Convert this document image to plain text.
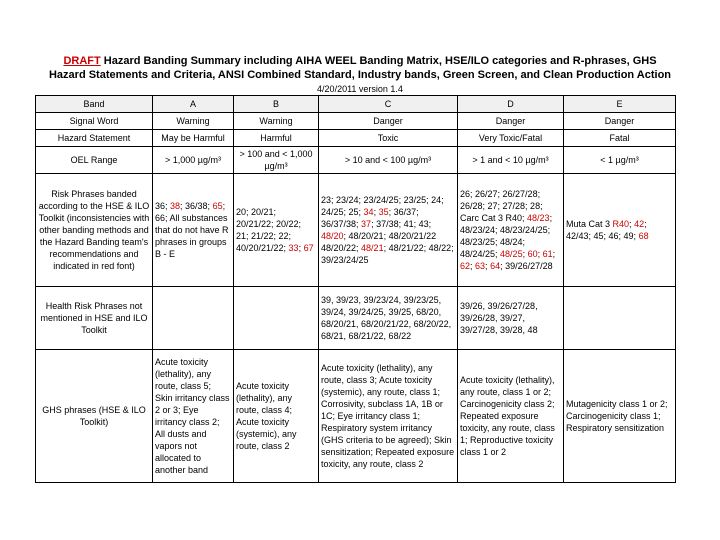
DRAFT Hazard Banding Summary including AIHA WEEL Banding Matrix, HSE/ILO categories and R-phrases, GHS
Hazard Statements and Criteria, ANSI Combined Standard, Industry bands, Green Screen, and Clean Production Action
4/20/2011 version 1.4
Band	A	B	C	D	E
Signal Word	Warning	Warning	Danger	Danger	Danger
Hazard Statement	May be Harmful	Harmful	Toxic	Very Toxic/Fatal	Fatal
OEL Range	> 1,000 µg/m³	> 100 and < 1,000 µg/m³	> 10 and < 100 µg/m³	> 1 and < 10 µg/m³	< 1 µg/m³
Risk Phrases banded according to the HSE & ILO Toolkit (inconsistencies with other banding methods and the Hazard Banding team's recommendations and indicated in red font)	36; 38; 36/38; 65; 66; All substances that do not have R phrases in groups B - E	20; 20/21; 20/21/22; 20/22; 21; 21/22; 22; 40/20/21/22; 33; 67	23; 23/24; 23/24/25; 23/25; 24; 24/25; 25; 34; 35; 36/37; 36/37/38; 37; 37/38; 41; 43; 48/20; 48/20/21; 48/20/21/22 48/20/22; 48/21; 48/21/22; 48/22; 39/23/24/25	26; 26/27; 26/27/28; 26/28; 27; 27/28; 28; Carc Cat 3 R40; 48/23; 48/23/24; 48/23/24/25; 48/23/25; 48/24; 48/24/25; 48/25; 60; 61; 62; 63; 64; 39/26/27/28	Muta Cat 3 R40; 42; 42/43; 45; 46; 49; 68
Health Risk Phrases not mentioned in HSE and ILO Toolkit			39, 39/23, 39/23/24, 39/23/25, 39/24, 39/24/25, 39/25, 68/20, 68/20/21, 68/20/21/22, 68/20/22, 68/21, 68/21/22, 68/22	39/26, 39/26/27/28, 39/26/28, 39/27, 39/27/28, 39/28, 48	
GHS phrases (HSE & ILO Toolkit)	Acute toxicity (lethality), any route, class 5; Skin irritancy class 2 or 3; Eye irritancy class 2; All dusts and vapors not allocated to another band	Acute toxicity (lethality), any route, class 4; Acute toxicity (systemic), any route, class 2	Acute toxicity (lethality), any route, class 3; Acute toxicity (systemic), any route, class 1; Corrosivity, subclass 1A, 1B or 1C; Eye irritancy class 1; Respiratory system irritancy (GHS criteria to be agreed); Skin sensitization; Repeated exposure toxicity, any route, class 2	Acute toxicity (lethality), any route, class 1 or 2; Carcinogenicity class 2; Repeated exposure toxicity, any route, class 1; Reproductive toxicity class 1 or 2	Mutagenicity class 1 or 2; Carcinogenicity class 1; Respiratory sensitization
